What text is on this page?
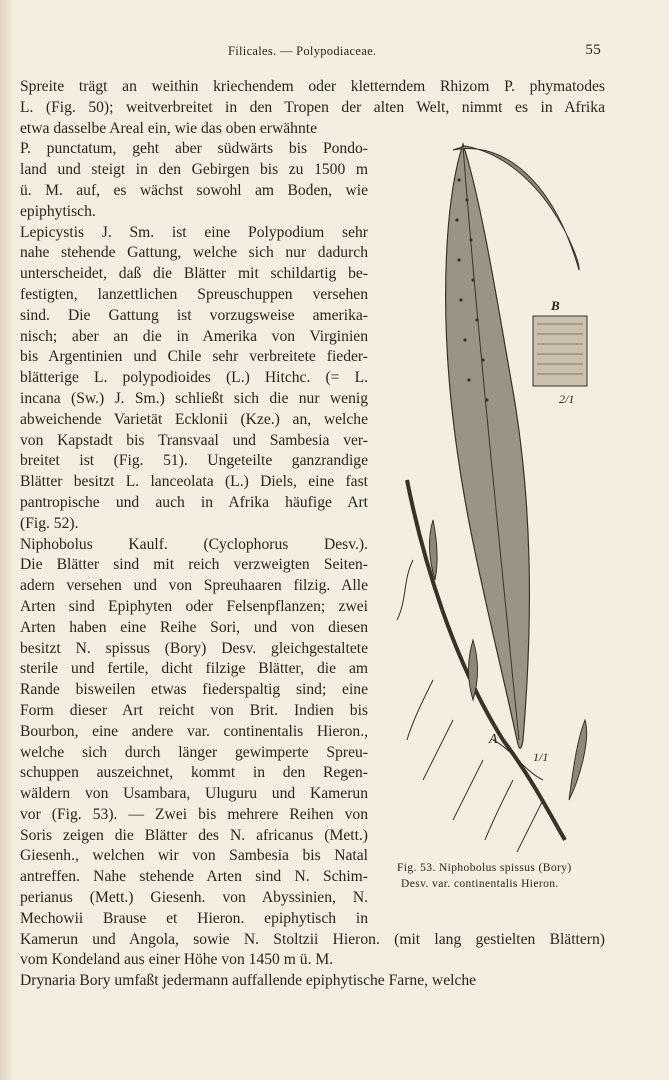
Filicales. — Polypodiaceae.	55
Spreite trägt an weithin kriechendem oder kletterndem Rhizom P. phymatodes
L. (Fig. 50); weitverbreitet in den Tropen der alten Welt, nimmt es in Afrika
etwa dasselbe Areal ein, wie das oben erwähnte
P. punctatum, geht aber südwärts bis Pondo-
land und steigt in den Gebirgen bis zu 1500 m
ü. M. auf, es wächst sowohl am Boden, wie
epiphytisch.
Lepicystis J. Sm. ist eine Polypodium sehr
nahe stehende Gattung, welche sich nur dadurch
unterscheidet, daß die Blätter mit schildartig be-
festigten, lanzettlichen Spreuschuppen versehen
sind. Die Gattung ist vorzugsweise amerika-
nisch; aber an die in Amerika von Virginien
bis Argentinien und Chile sehr verbreitete fieder-
blätterige L. polypodioides (L.) Hitchc. (= L.
incana (Sw.) J. Sm.) schließt sich die nur wenig
abweichende Varietät Ecklonii (Kze.) an, welche
von Kapstadt bis Transvaal und Sambesia ver-
breitet ist (Fig. 51). Ungeteilte ganzrandige
Blätter besitzt L. lanceolata (L.) Diels, eine fast
pantropische und auch in Afrika häufige Art
(Fig. 52).
Niphobolus Kaulf. (Cyclophorus Desv.).
Die Blätter sind mit reich verzweigten Seiten-
adern versehen und von Spreuhaaren filzig. Alle
Arten sind Epiphyten oder Felsenpflanzen; zwei
Arten haben eine Reihe Sori, und von diesen
besitzt N. spissus (Bory) Desv. gleichgestaltete
sterile und fertile, dicht filzige Blätter, die am
Rande bisweilen etwas fiederspaltig sind; eine
Form dieser Art reicht von Brit. Indien bis
Bourbon, eine andere var. continentalis Hieron.,
welche sich durch länger gewimperte Spreu-
schuppen auszeichnet, kommt in den Regen-
wäldern von Usambara, Uluguru und Kamerun
vor (Fig. 53). — Zwei bis mehrere Reihen von
Soris zeigen die Blätter des N. africanus (Mett.)
Giesenh., welchen wir von Sambesia bis Natal
antreffen. Nahe stehende Arten sind N. Schim-
perianus (Mett.) Giesenh. von Abyssinien, N.
Mechowii Brause et Hieron. epiphytisch in
Kamerun und Angola, sowie N. Stoltzii Hieron. (mit lang gestielten Blättern)
vom Kondeland aus einer Höhe von 1450 m ü. M.
Drynaria Bory umfaßt jedermann auffallende epiphytische Farne, welche
B
2/1
A
1/1
Fig. 53. Niphobolus spissus (Bory)
Desv. var. continentalis Hieron.
